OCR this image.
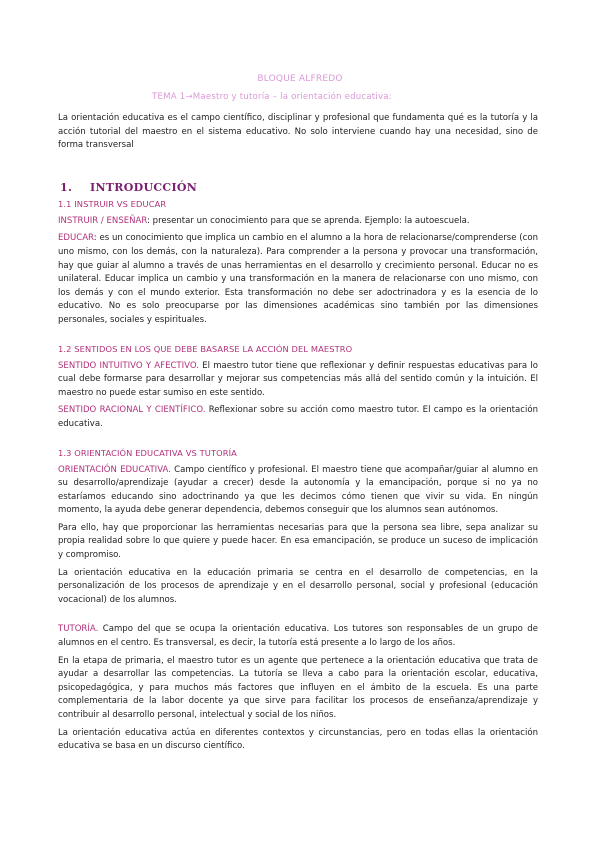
BLOQUE ALFREDO
TEMA 1→Maestro y tutoría – la orientación educativa:

La orientación educativa es el campo científico, disciplinar y profesional que fundamenta qué es la tutoría y la acción tutorial del maestro en el sistema educativo. No solo interviene cuando hay una necesidad, sino de forma transversal

1. INTRODUCCIÓN
1.1 INSTRUIR VS EDUCAR

INSTRUIR / ENSEÑAR: presentar un conocimiento para que se aprenda. Ejemplo: la autoescuela.

EDUCAR: es un conocimiento que implica un cambio en el alumno a la hora de relacionarse/comprenderse (con uno mismo, con los demás, con la naturaleza). Para comprender a la persona y provocar una transformación, hay que guiar al alumno a través de unas herramientas en el desarrollo y crecimiento personal. Educar no es unilateral. Educar implica un cambio y una transformación en la manera de relacionarse con uno mismo, con los demás y con el mundo exterior. Esta transformación no debe ser adoctrinadora y es la esencia de lo educativo. No es solo preocuparse por las dimensiones académicas sino también por las dimensiones personales, sociales y espirituales.

1.2 SENTIDOS EN LOS QUE DEBE BASARSE LA ACCIÓN DEL MAESTRO

SENTIDO INTUITIVO Y AFECTIVO. El maestro tutor tiene que reflexionar y definir respuestas educativas para lo cual debe formarse para desarrollar y mejorar sus competencias más allá del sentido común y la intuición. El maestro no puede estar sumiso en este sentido.

SENTIDO RACIONAL Y CIENTÍFICO. Reflexionar sobre su acción como maestro tutor. El campo es la orientación educativa.

1.3 ORIENTACIÓN EDUCATIVA VS TUTORÍA

ORIENTACIÓN EDUCATIVA. Campo científico y profesional. El maestro tiene que acompañar/guiar al alumno en su desarrollo/aprendizaje (ayudar a crecer) desde la autonomía y la emancipación, porque si no ya no estaríamos educando sino adoctrinando ya que les decimos cómo tienen que vivir su vida. En ningún momento, la ayuda debe generar dependencia, debemos conseguir que los alumnos sean autónomos.

Para ello, hay que proporcionar las herramientas necesarias para que la persona sea libre, sepa analizar su propia realidad sobre lo que quiere y puede hacer. En esa emancipación, se produce un suceso de implicación y compromiso.

La orientación educativa en la educación primaria se centra en el desarrollo de competencias, en la personalización de los procesos de aprendizaje y en el desarrollo personal, social y profesional (educación vocacional) de los alumnos.

TUTORÍA. Campo del que se ocupa la orientación educativa. Los tutores son responsables de un grupo de alumnos en el centro. Es transversal, es decir, la tutoría está presente a lo largo de los años.

En la etapa de primaria, el maestro tutor es un agente que pertenece a la orientación educativa que trata de ayudar a desarrollar las competencias. La tutoría se lleva a cabo para la orientación escolar, educativa, psicopedagógica, y para muchos más factores que influyen en el ámbito de la escuela. Es una parte complementaria de la labor docente ya que sirve para facilitar los procesos de enseñanza/aprendizaje y contribuir al desarrollo personal, intelectual y social de los niños.

La orientación educativa actúa en diferentes contextos y circunstancias, pero en todas ellas la orientación educativa se basa en un discurso científico.
